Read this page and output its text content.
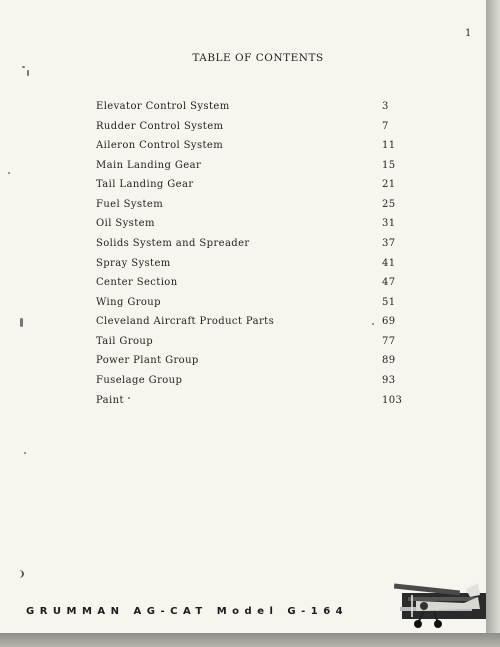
1
TABLE OF CONTENTS
Elevator Control System	3
Rudder Control System	7
Aileron Control System	11
Main Landing Gear	15
Tail Landing Gear	21
Fuel System	25
Oil System	31
Solids System and Spreader	37
Spray System	41
Center Section	47
Wing Group	51
Cleveland Aircraft Product Parts	69
Tail Group	77
Power Plant Group	89
Fuselage Group	93
Paint	103
GRUMMAN AG-CAT Model G-164
